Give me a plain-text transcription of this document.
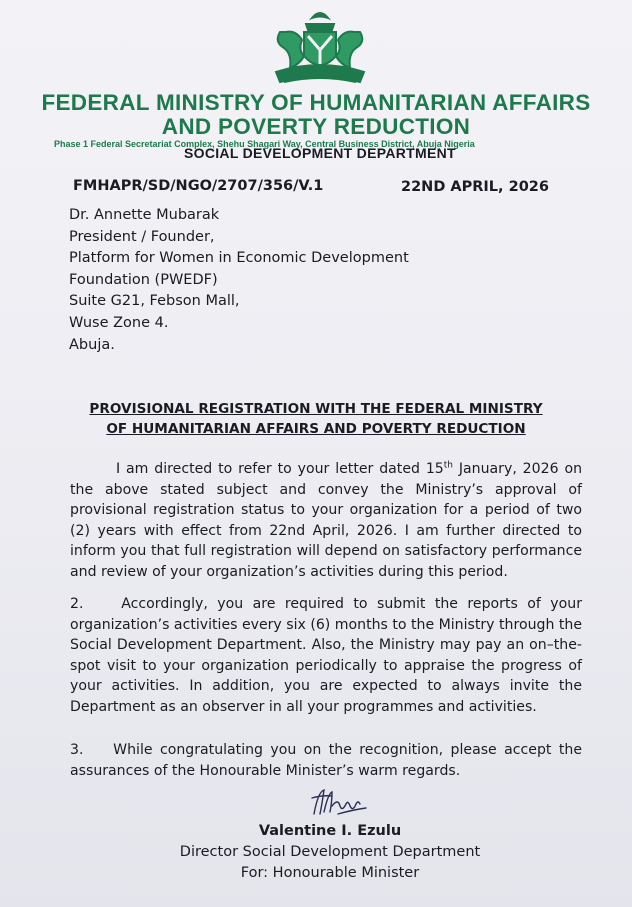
FEDERAL MINISTRY OF HUMANITARIAN AFFAIRS
AND POVERTY REDUCTION
Phase 1 Federal Secretariat Complex, Shehu Shagari Way, Central Business District, Abuja Nigeria
SOCIAL DEVELOPMENT DEPARTMENT
FMHAPR/SD/NGO/2707/356/V.1	22ND APRIL, 2026
Dr. Annette Mubarak
President / Founder,
Platform for Women in Economic Development
Foundation (PWEDF)
Suite G21, Febson Mall,
Wuse Zone 4.
Abuja.
PROVISIONAL REGISTRATION WITH THE FEDERAL MINISTRY
OF HUMANITARIAN AFFAIRS AND POVERTY REDUCTION
I am directed to refer to your letter dated 15th January, 2026 on the above stated subject and convey the Ministry’s approval of provisional registration status to your organization for a period of two (2) years with effect from 22nd April, 2026. I am further directed to inform you that full registration will depend on satisfactory performance and review of your organization’s activities during this period.
2.    Accordingly, you are required to submit the reports of your organization’s activities every six (6) months to the Ministry through the Social Development Department. Also, the Ministry may pay an on–the-spot visit to your organization periodically to appraise the progress of your activities. In addition, you are expected to always invite the Department as an observer in all your programmes and activities.
3.    While congratulating you on the recognition, please accept the assurances of the Honourable Minister’s warm regards.
Valentine I. Ezulu
Director Social Development Department
For: Honourable Minister
